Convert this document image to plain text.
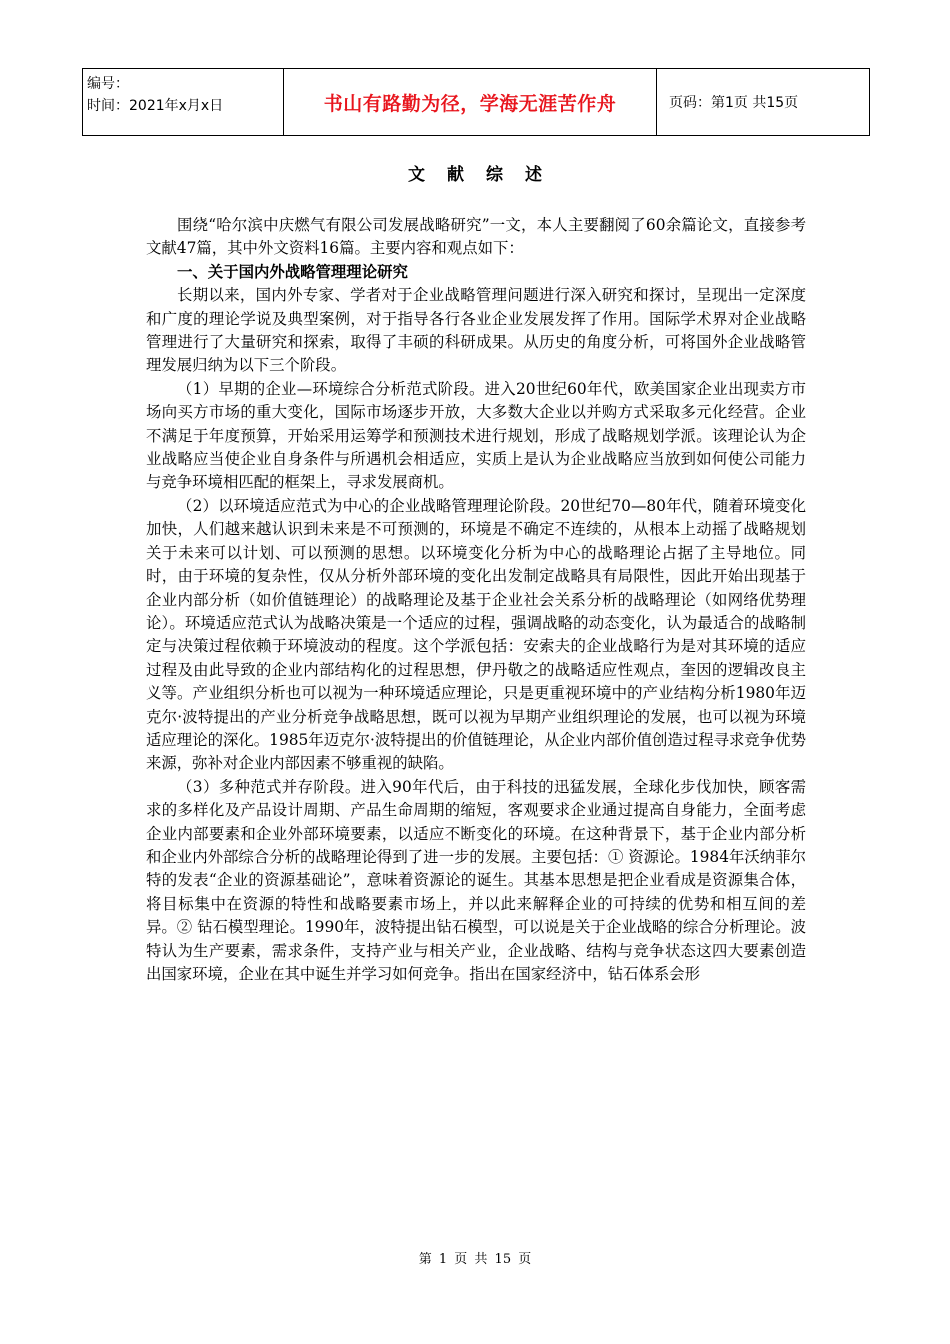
编号：
时间：2021年x月x日	书山有路勤为径，学海无涯苦作舟	页码：第1页 共15页
文献综述

围绕“哈尔滨中庆燃气有限公司发展战略研究”一文，本人主要翻阅了60余篇论文，直接参考文献47篇，其中外文资料16篇。主要内容和观点如下：

一、关于国内外战略管理理论研究

长期以来，国内外专家、学者对于企业战略管理问题进行深入研究和探讨，呈现出一定深度和广度的理论学说及典型案例，对于指导各行各业企业发展发挥了作用。国际学术界对企业战略管理进行了大量研究和探索，取得了丰硕的科研成果。从历史的角度分析，可将国外企业战略管理发展归纳为以下三个阶段。

（1）早期的企业—环境综合分析范式阶段。进入20世纪60年代，欧美国家企业出现卖方市场向买方市场的重大变化，国际市场逐步开放，大多数大企业以并购方式采取多元化经营。企业不满足于年度预算，开始采用运筹学和预测技术进行规划，形成了战略规划学派。该理论认为企业战略应当使企业自身条件与所遇机会相适应，实质上是认为企业战略应当放到如何使公司能力与竞争环境相匹配的框架上，寻求发展商机。

（2）以环境适应范式为中心的企业战略管理理论阶段。20世纪70—80年代，随着环境变化加快，人们越来越认识到未来是不可预测的，环境是不确定不连续的，从根本上动摇了战略规划关于未来可以计划、可以预测的思想。以环境变化分析为中心的战略理论占据了主导地位。同时，由于环境的复杂性，仅从分析外部环境的变化出发制定战略具有局限性，因此开始出现基于企业内部分析（如价值链理论）的战略理论及基于企业社会关系分析的战略理论（如网络优势理论）。环境适应范式认为战略决策是一个适应的过程，强调战略的动态变化，认为最适合的战略制定与决策过程依赖于环境波动的程度。这个学派包括：安索夫的企业战略行为是对其环境的适应过程及由此导致的企业内部结构化的过程思想，伊丹敬之的战略适应性观点，奎因的逻辑改良主义等。产业组织分析也可以视为一种环境适应理论，只是更重视环境中的产业结构分析1980年迈克尔·波特提出的产业分析竞争战略思想，既可以视为早期产业组织理论的发展，也可以视为环境适应理论的深化。1985年迈克尔·波特提出的价值链理论，从企业内部价值创造过程寻求竞争优势来源，弥补对企业内部因素不够重视的缺陷。

（3）多种范式并存阶段。进入90年代后，由于科技的迅猛发展，全球化步伐加快，顾客需求的多样化及产品设计周期、产品生命周期的缩短，客观要求企业通过提高自身能力，全面考虑企业内部要素和企业外部环境要素，以适应不断变化的环境。在这种背景下，基于企业内部分析和企业内外部综合分析的战略理论得到了进一步的发展。主要包括：① 资源论。1984年沃纳菲尔特的发表“企业的资源基础论”，意味着资源论的诞生。其基本思想是把企业看成是资源集合体，将目标集中在资源的特性和战略要素市场上，并以此来解释企业的可持续的优势和相互间的差异。② 钻石模型理论。1990年，波特提出钻石模型，可以说是关于企业战略的综合分析理论。波特认为生产要素，需求条件，支持产业与相关产业，企业战略、结构与竞争状态这四大要素创造出国家环境，企业在其中诞生并学习如何竞争。指出在国家经济中，钻石体系会形

第 1 页 共 15 页
